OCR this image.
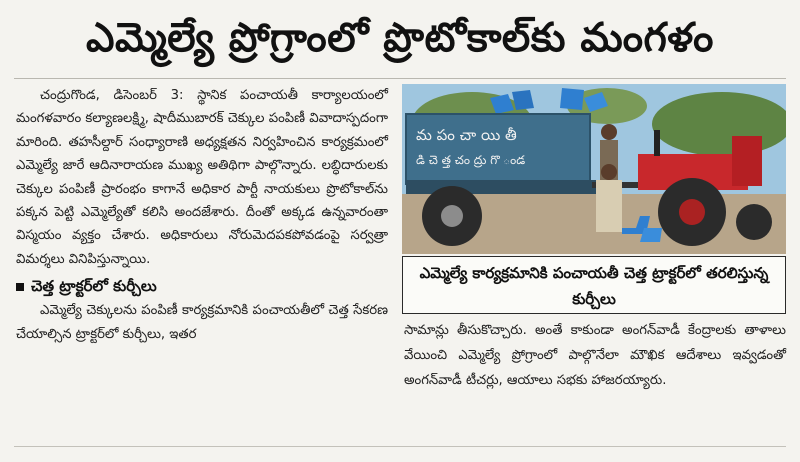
ఎమ్మెల్యే ప్రోగ్రాంలో ప్రొటోకాల్‌కు మంగళం

చంద్రుగొండ, డిసెంబర్ 3: స్థానిక పంచాయతీ కార్యాలయంలో మంగళవారం కల్యాణలక్ష్మి, షాదీముబారక్ చెక్కుల పంపిణీ వివాదాస్పదంగా మారింది. తహసీల్దార్ సంధ్యారాణి అధ్యక్షతన నిర్వహించిన కార్యక్రమంలో ఎమ్మెల్యే జారే ఆదినారాయణ ముఖ్య అతిథిగా పాల్గొన్నారు. లబ్ధిదారులకు చెక్కుల పంపిణీ ప్రారంభం కాగానే అధికార పార్టీ నాయకులు ప్రొటోకాల్‌ను పక్కన పెట్టి ఎమ్మెల్యేతో కలిసి అందజేశారు. దీంతో అక్కడ ఉన్నవారంతా విస్మయం వ్యక్తం చేశారు. అధికారులు నోరుమెదపకపోవడంపై సర్వత్రా విమర్శలు వినిపిస్తున్నాయి.

చెత్త ట్రాక్టర్‌లో కుర్చీలు

ఎమ్మెల్యే చెక్కులను పంపిణీ కార్యక్రమానికి పంచాయతీలో చెత్త సేకరణ చేయాల్సిన ట్రాక్టర్‌లో కుర్చీలు, ఇతర

మ పం చా యి తీ
డి చె త్త చం ద్రు గొ ండ
ఎమ్మెల్యే కార్యక్రమానికి పంచాయతీ చెత్త ట్రాక్టర్‌లో తరలిస్తున్న కుర్చీలు

సామాన్లు తీసుకొచ్చారు. అంతే కాకుండా అంగన్‌వాడీ కేంద్రాలకు తాళాలు వేయించి ఎమ్మెల్యే ప్రోగ్రాంలో పాల్గొనేలా మౌఖిక ఆదేశాలు ఇవ్వడంతో అంగన్‌వాడీ టీచర్లు, ఆయాలు సభకు హాజరయ్యారు.
